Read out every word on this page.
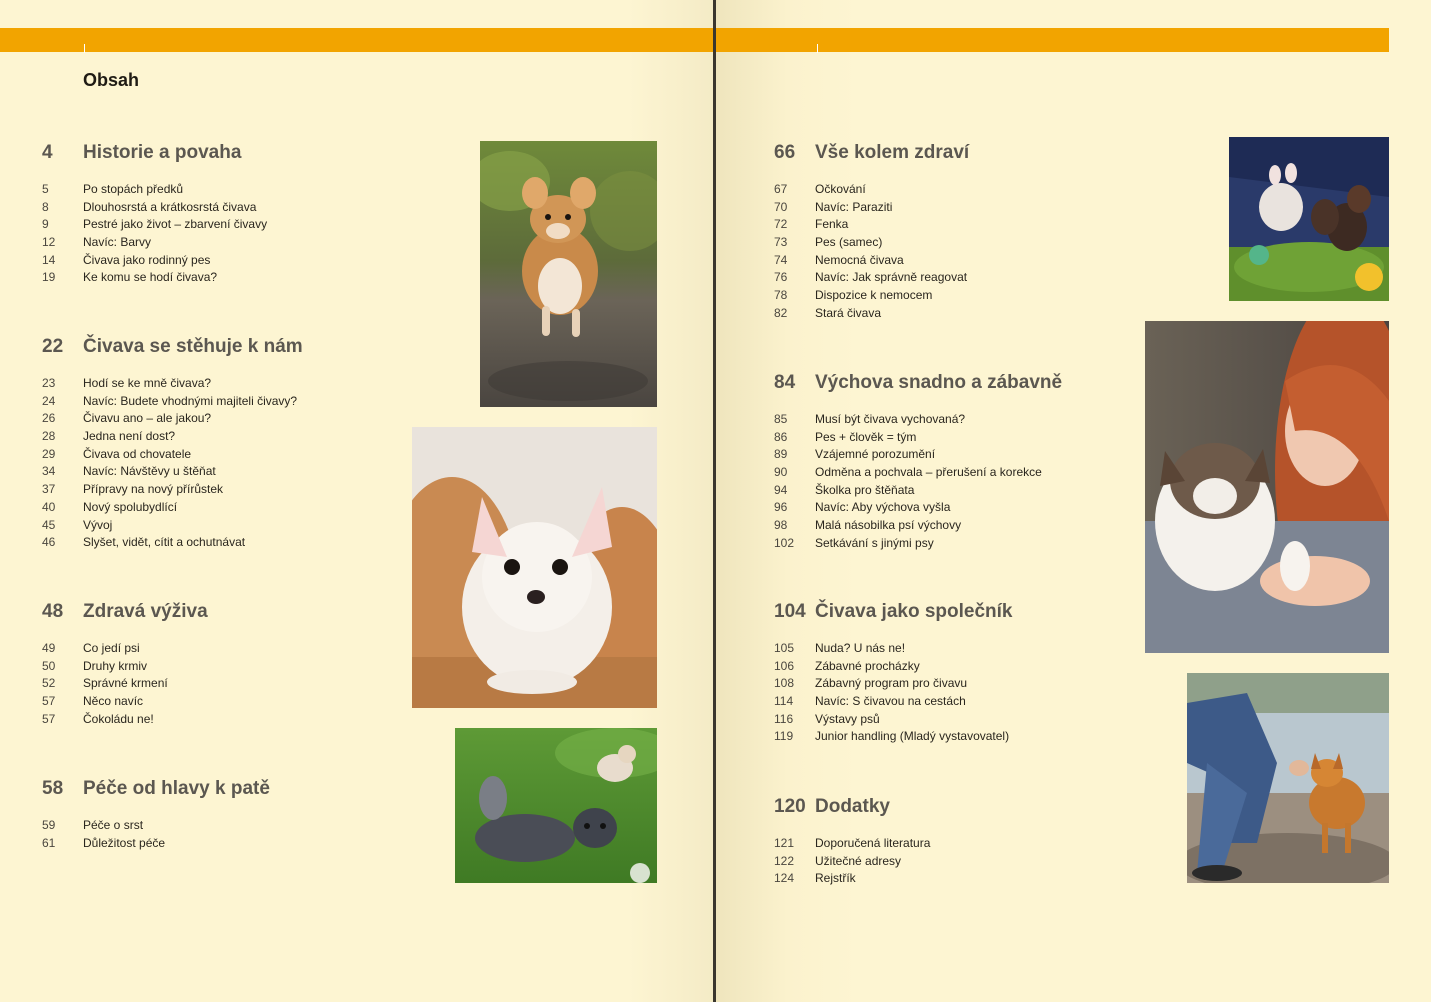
Obsah
4 Historie a povaha
5	Po stopách předků
8	Dlouhosrstá a krátkosrstá čivava
9	Pestré jako život – zbarvení čivavy
12 Navíc: Barvy
14 Čivava jako rodinný pes
19 Ke komu se hodí čivava?
22 Čivava se stěhuje k nám
23 Hodí se ke mně čivava?
24 Navíc: Budete vhodnými majiteli čivavy?
26 Čivavu ano – ale jakou?
28 Jedna není dost?
29 Čivava od chovatele
34 Navíc: Návštěvy u štěňat
37 Přípravy na nový přírůstek
40 Nový spolubydlící
45 Vývoj
46 Slyšet, vidět, cítit a ochutnávat
48 Zdravá výživa
49 Co jedí psi
50 Druhy krmiv
52 Správné krmení
57 Něco navíc
57 Čokoládu ne!
58 Péče od hlavy k patě
59 Péče o srst
61 Důležitost péče
66 Vše kolem zdraví
67 Očkování
70 Navíc: Paraziti
72 Fenka
73 Pes (samec)
74 Nemocná čivava
76 Navíc: Jak správně reagovat
78 Dispozice k nemocem
82 Stará čivava
84 Výchova snadno a zábavně
85 Musí být čivava vychovaná?
86 Pes + člověk = tým
89 Vzájemné porozumění
90 Odměna a pochvala – přerušení a korekce
94 Školka pro štěňata
96 Navíc: Aby výchova vyšla
98 Malá násobilka psí výchovy
102 Setkávání s jinými psy
104 Čivava jako společník
105 Nuda? U nás ne!
106 Zábavné procházky
108 Zábavný program pro čivavu
114 Navíc: S čivavou na cestách
116 Výstavy psů
119 Junior handling (Mladý vystavovatel)
120 Dodatky
121 Doporučená literatura
122 Užitečné adresy
124 Rejstřík
